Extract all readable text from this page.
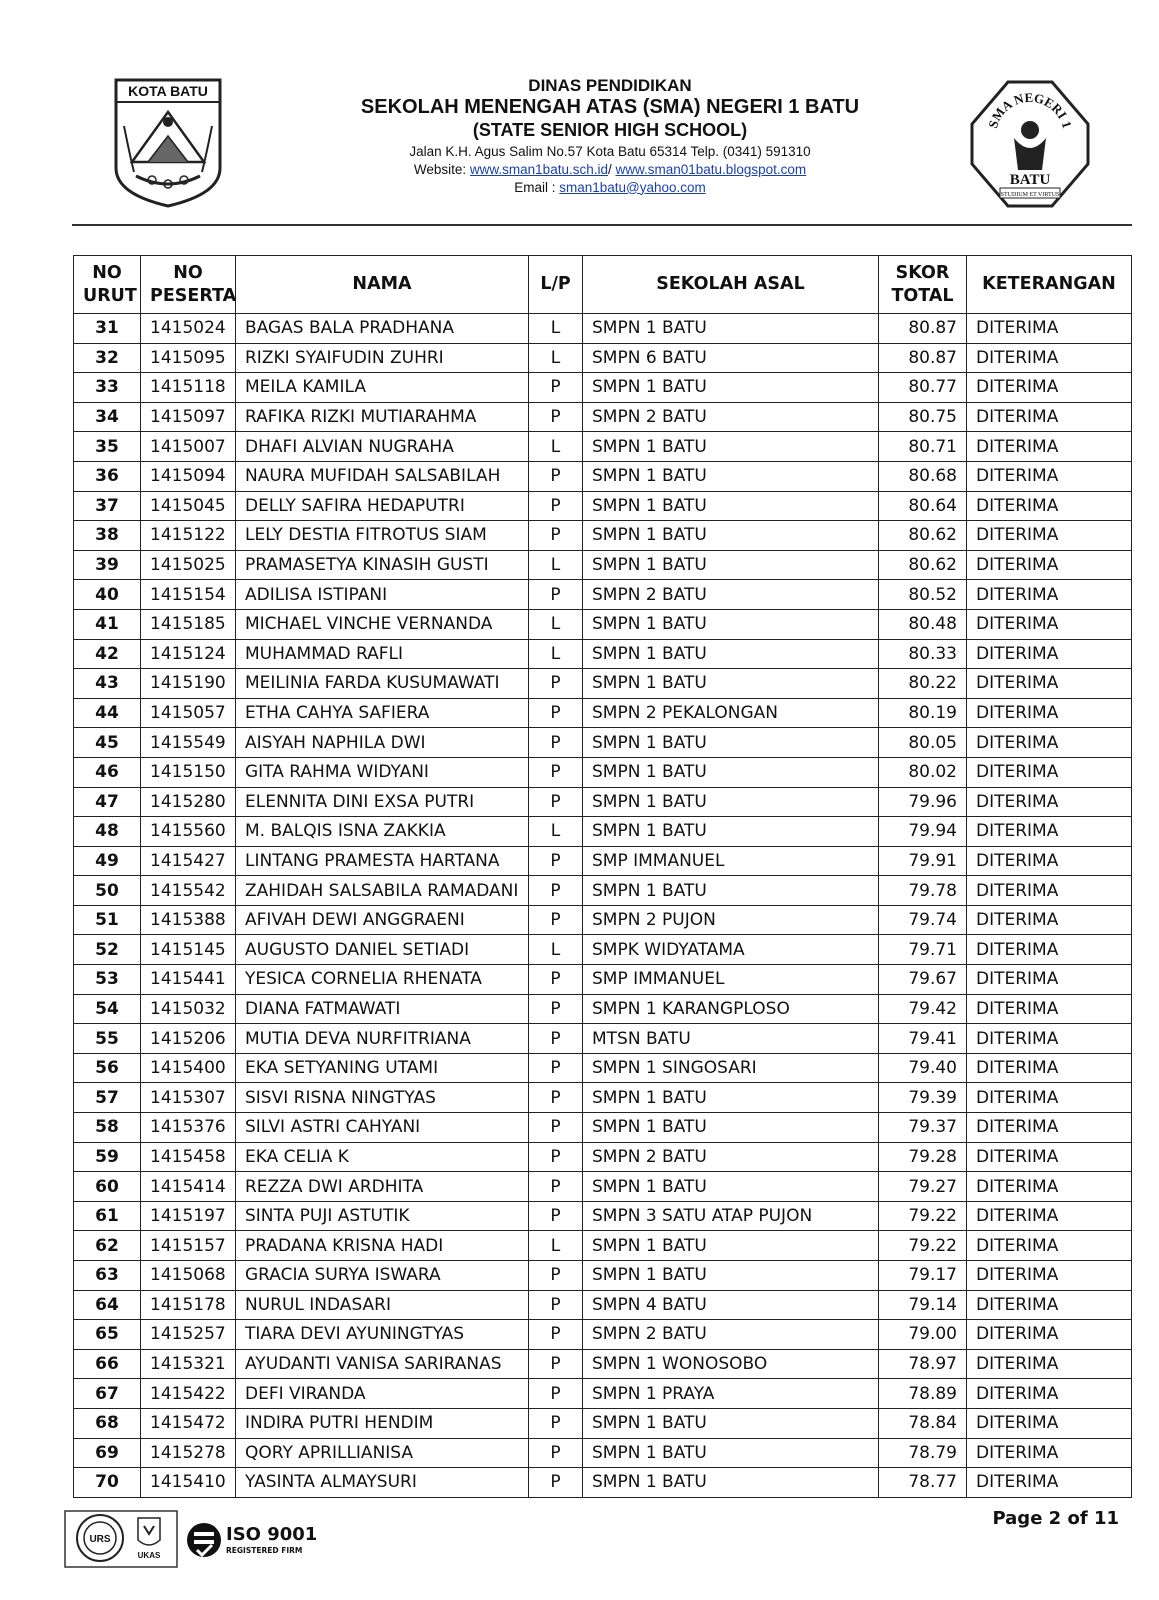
KOTA BATU	DINAS PENDIDIKAN
SEKOLAH MENENGAH ATAS (SMA) NEGERI 1 BATU
(STATE SENIOR HIGH SCHOOL)
Jalan K.H. Agus Salim No.57 Kota Batu 65314 Telp. (0341) 591310
Website: www.sman1batu.sch.id/ www.sman01batu.blogspot.com
Email : sman1batu@yahoo.com
SMA NEGERI 1
BATU
STUDIUM ET VIRTUS
NO URUT	NO PESERTA	NAMA	L/P	SEKOLAH ASAL	SKOR TOTAL	KETERANGAN
31	1415024	BAGAS BALA PRADHANA	L	SMPN 1 BATU	80.87	DITERIMA
32	1415095	RIZKI SYAIFUDIN ZUHRI	L	SMPN 6 BATU	80.87	DITERIMA
33	1415118	MEILA KAMILA	P	SMPN 1 BATU	80.77	DITERIMA
34	1415097	RAFIKA RIZKI MUTIARAHMA	P	SMPN 2 BATU	80.75	DITERIMA
35	1415007	DHAFI ALVIAN NUGRAHA	L	SMPN 1 BATU	80.71	DITERIMA
36	1415094	NAURA MUFIDAH SALSABILAH	P	SMPN 1 BATU	80.68	DITERIMA
37	1415045	DELLY SAFIRA HEDAPUTRI	P	SMPN 1 BATU	80.64	DITERIMA
38	1415122	LELY DESTIA FITROTUS SIAM	P	SMPN 1 BATU	80.62	DITERIMA
39	1415025	PRAMASETYA KINASIH GUSTI	L	SMPN 1 BATU	80.62	DITERIMA
40	1415154	ADILISA ISTIPANI	P	SMPN 2 BATU	80.52	DITERIMA
41	1415185	MICHAEL VINCHE VERNANDA	L	SMPN 1 BATU	80.48	DITERIMA
42	1415124	MUHAMMAD RAFLI	L	SMPN 1 BATU	80.33	DITERIMA
43	1415190	MEILINIA FARDA KUSUMAWATI	P	SMPN 1 BATU	80.22	DITERIMA
44	1415057	ETHA CAHYA SAFIERA	P	SMPN 2 PEKALONGAN	80.19	DITERIMA
45	1415549	AISYAH NAPHILA DWI	P	SMPN 1 BATU	80.05	DITERIMA
46	1415150	GITA RAHMA WIDYANI	P	SMPN 1 BATU	80.02	DITERIMA
47	1415280	ELENNITA DINI EXSA PUTRI	P	SMPN 1 BATU	79.96	DITERIMA
48	1415560	M. BALQIS ISNA ZAKKIA	L	SMPN 1 BATU	79.94	DITERIMA
49	1415427	LINTANG PRAMESTA HARTANA	P	SMP IMMANUEL	79.91	DITERIMA
50	1415542	ZAHIDAH SALSABILA RAMADANI	P	SMPN 1 BATU	79.78	DITERIMA
51	1415388	AFIVAH DEWI ANGGRAENI	P	SMPN 2 PUJON	79.74	DITERIMA
52	1415145	AUGUSTO DANIEL SETIADI	L	SMPK WIDYATAMA	79.71	DITERIMA
53	1415441	YESICA CORNELIA RHENATA	P	SMP IMMANUEL	79.67	DITERIMA
54	1415032	DIANA FATMAWATI	P	SMPN 1 KARANGPLOSO	79.42	DITERIMA
55	1415206	MUTIA DEVA NURFITRIANA	P	MTSN BATU	79.41	DITERIMA
56	1415400	EKA SETYANING UTAMI	P	SMPN 1 SINGOSARI	79.40	DITERIMA
57	1415307	SISVI RISNA NINGTYAS	P	SMPN 1 BATU	79.39	DITERIMA
58	1415376	SILVI ASTRI CAHYANI	P	SMPN 1 BATU	79.37	DITERIMA
59	1415458	EKA CELIA K	P	SMPN 2 BATU	79.28	DITERIMA
60	1415414	REZZA DWI ARDHITA	P	SMPN 1 BATU	79.27	DITERIMA
61	1415197	SINTA PUJI ASTUTIK	P	SMPN 3 SATU ATAP PUJON	79.22	DITERIMA
62	1415157	PRADANA KRISNA HADI	L	SMPN 1 BATU	79.22	DITERIMA
63	1415068	GRACIA SURYA ISWARA	P	SMPN 1 BATU	79.17	DITERIMA
64	1415178	NURUL INDASARI	P	SMPN 4 BATU	79.14	DITERIMA
65	1415257	TIARA DEVI AYUNINGTYAS	P	SMPN 2 BATU	79.00	DITERIMA
66	1415321	AYUDANTI VANISA SARIRANAS	P	SMPN 1 WONOSOBO	78.97	DITERIMA
67	1415422	DEFI VIRANDA	P	SMPN 1 PRAYA	78.89	DITERIMA
68	1415472	INDIRA PUTRI HENDIM	P	SMPN 1 BATU	78.84	DITERIMA
69	1415278	QORY APRILLIANISA	P	SMPN 1 BATU	78.79	DITERIMA
70	1415410	YASINTA ALMAYSURI	P	SMPN 1 BATU	78.77	DITERIMA
URS
UKAS
ISO 9001
REGISTERED FIRM
Page 2 of 11
